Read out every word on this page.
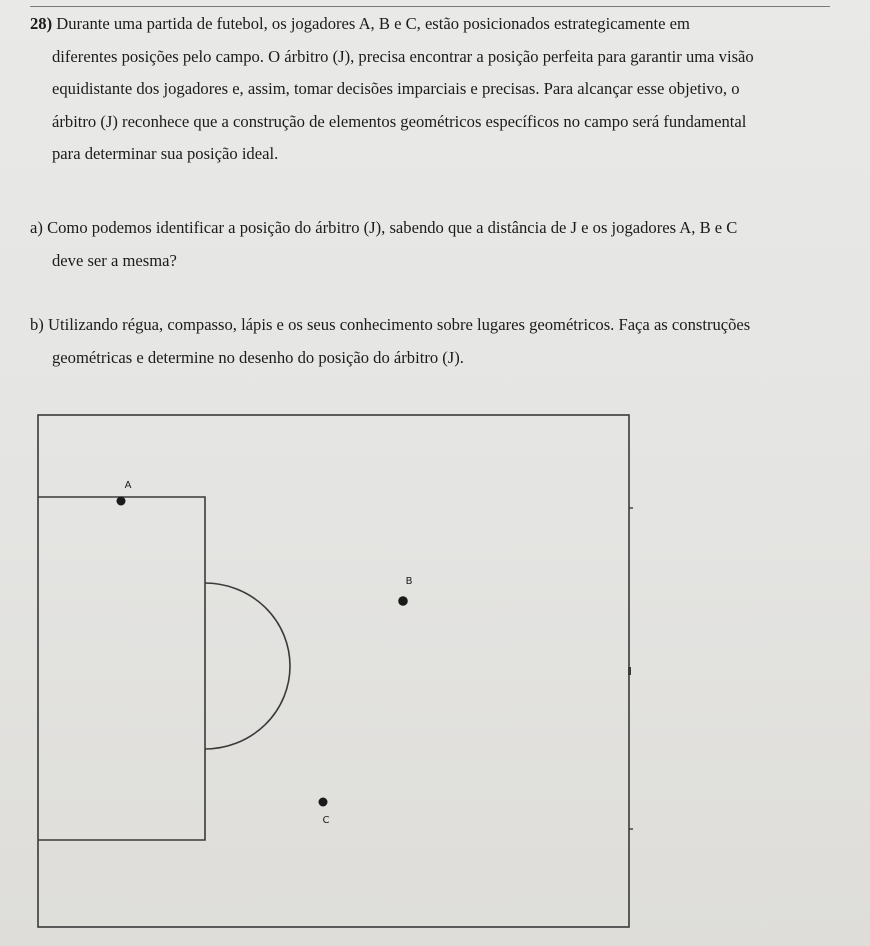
28) Durante uma partida de futebol, os jogadores A, B e C, estão posicionados estrategicamente em
diferentes posições pelo campo. O árbitro (J), precisa encontrar a posição perfeita para garantir uma visão
equidistante dos jogadores e, assim, tomar decisões imparciais e precisas. Para alcançar esse objetivo, o
árbitro (J) reconhece que a construção de elementos geométricos específicos no campo será fundamental
para determinar sua posição ideal.
a) Como podemos identificar a posição do árbitro (J), sabendo que a distância de J e os jogadores A, B e C
deve ser a mesma?
b) Utilizando régua, compasso, lápis e os seus conhecimento sobre lugares geométricos. Faça as construções
geométricas e determine no desenho do posição do árbitro (J).
A
B
C
